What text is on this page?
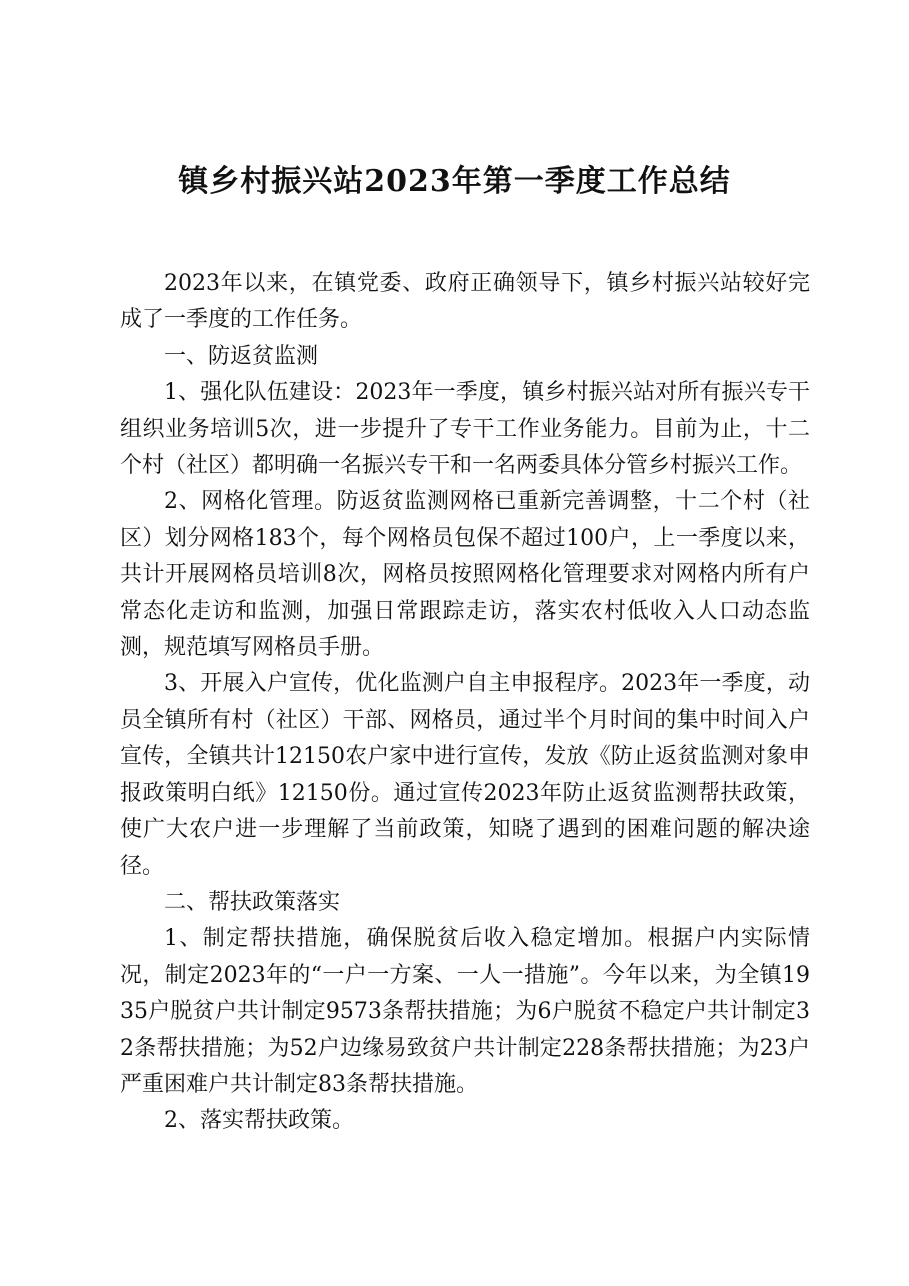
镇乡村振兴站2023年第一季度工作总结

2023年以来，在镇党委、政府正确领导下，镇乡村振兴站较好完成了一季度的工作任务。

一、防返贫监测

1、强化队伍建设：2023年一季度，镇乡村振兴站对所有振兴专干组织业务培训5次，进一步提升了专干工作业务能力。目前为止，十二个村（社区）都明确一名振兴专干和一名两委具体分管乡村振兴工作。

2、网格化管理。防返贫监测网格已重新完善调整，十二个村（社区）划分网格183个，每个网格员包保不超过100户，上一季度以来，共计开展网格员培训8次，网格员按照网格化管理要求对网格内所有户常态化走访和监测，加强日常跟踪走访，落实农村低收入人口动态监测，规范填写网格员手册。

3、开展入户宣传，优化监测户自主申报程序。2023年一季度，动员全镇所有村（社区）干部、网格员，通过半个月时间的集中时间入户宣传，全镇共计12150农户家中进行宣传，发放《防止返贫监测对象申报政策明白纸》12150份。通过宣传2023年防止返贫监测帮扶政策，使广大农户进一步理解了当前政策，知晓了遇到的困难问题的解决途径。

二、帮扶政策落实

1、制定帮扶措施，确保脱贫后收入稳定增加。根据户内实际情况，制定2023年的“一户一方案、一人一措施”。今年以来，为全镇1935户脱贫户共计制定9573条帮扶措施；为6户脱贫不稳定户共计制定32条帮扶措施；为52户边缘易致贫户共计制定228条帮扶措施；为23户严重困难户共计制定83条帮扶措施。

2、落实帮扶政策。
